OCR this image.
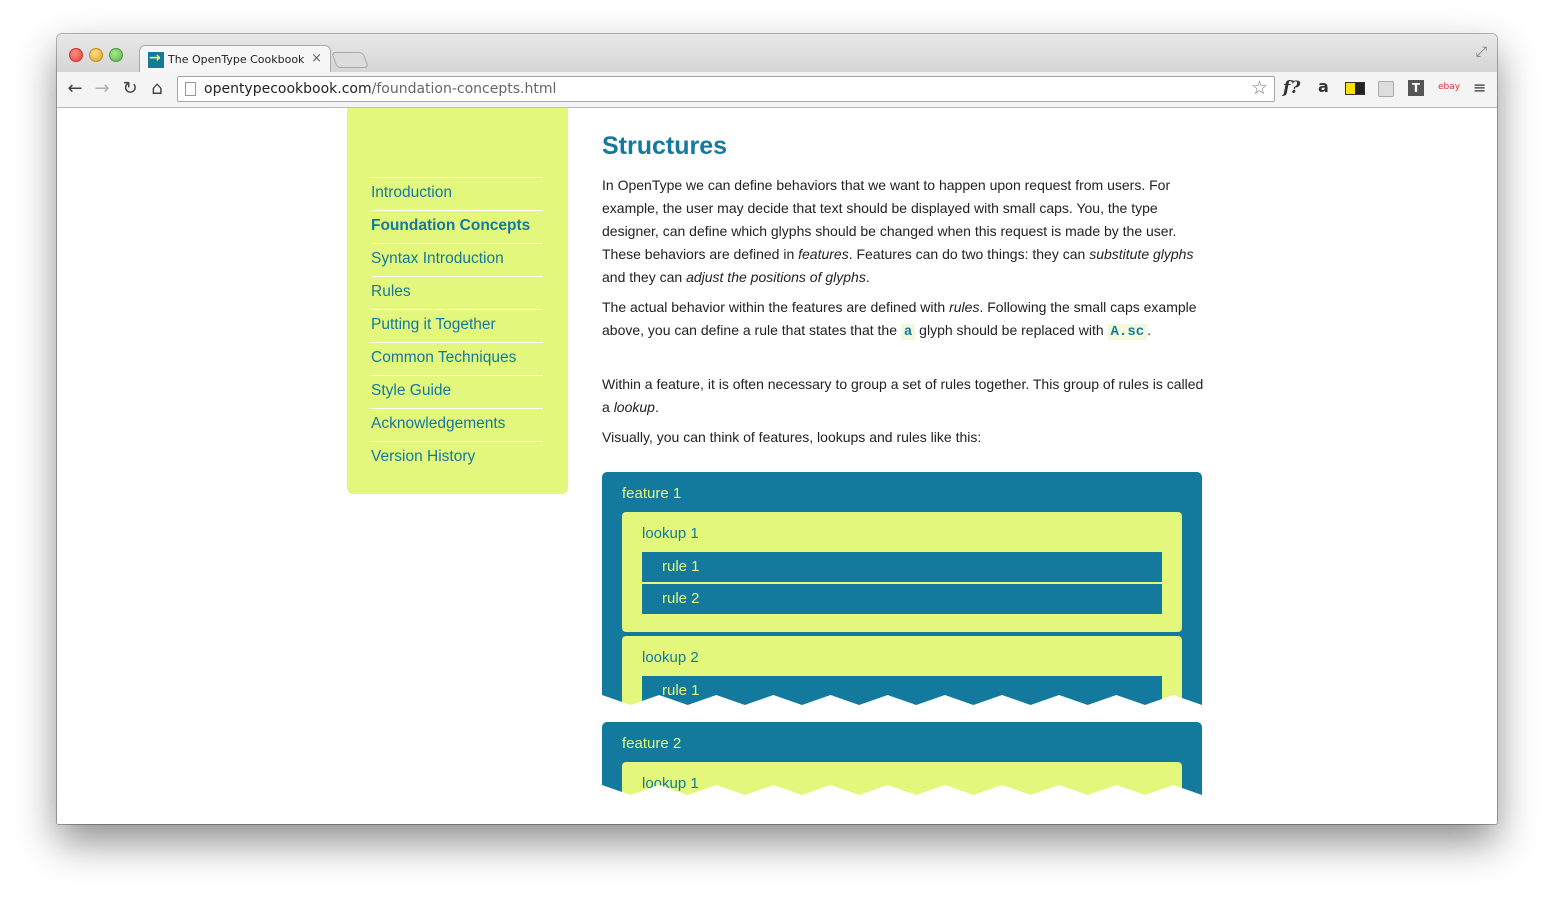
→
The OpenType Cookbook ×	⤢
← → ↻ ⌂	opentypecookbook.com/foundation-concepts.html	☆ f? a	T	ebay ≡
Introduction
Foundation Concepts
Syntax Introduction
Rules
Putting it Together
Common Techniques
Style Guide
Acknowledgements
Version History
Structures

In OpenType we can define behaviors that we want to happen upon request from users. For example, the user may decide that text should be displayed with small caps. You, the type designer, can define which glyphs should be changed when this request is made by the user. These behaviors are defined in features. Features can do two things: they can substitute glyphs and they can adjust the positions of glyphs.

The actual behavior within the features are defined with rules. Following the small caps example above, you can define a rule that states that the a glyph should be replaced with A.sc .

Within a feature, it is often necessary to group a set of rules together. This group of rules is called a lookup.

Visually, you can think of features, lookups and rules like this:

feature 1
lookup 1
rule 1
rule 2
lookup 2
rule 1
feature 2
lookup 1
